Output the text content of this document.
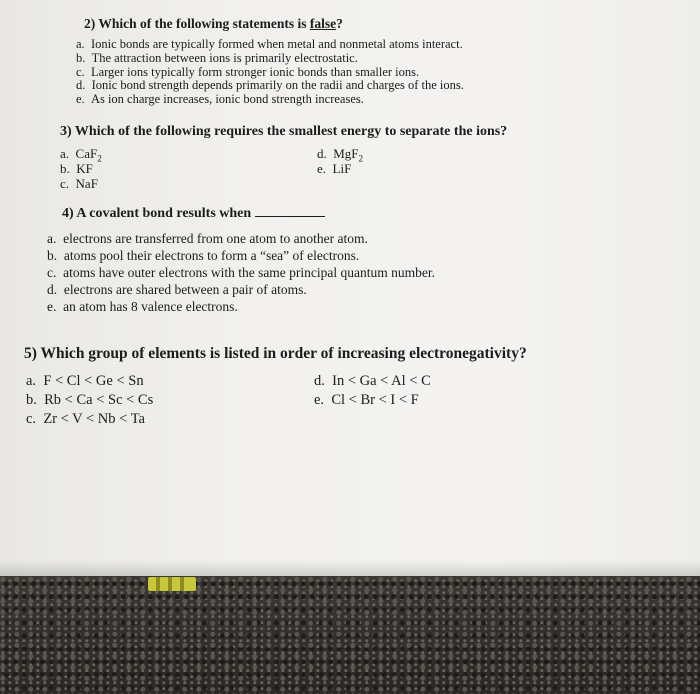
2) Which of the following statements is false?
a. Ionic bonds are typically formed when metal and nonmetal atoms interact.
b. The attraction between ions is primarily electrostatic.
c. Larger ions typically form stronger ionic bonds than smaller ions.
d. Ionic bond strength depends primarily on the radii and charges of the ions.
e. As ion charge increases, ionic bond strength increases.
3) Which of the following requires the smallest energy to separate the ions?
a. CaF$_2$
b. KF
c. NaF
d. MgF$_2$
e. LiF
4) A covalent bond results when
a. electrons are transferred from one atom to another atom.
b. atoms pool their electrons to form a “sea” of electrons.
c. atoms have outer electrons with the same principal quantum number.
d. electrons are shared between a pair of atoms.
e. an atom has 8 valence electrons.
5) Which group of elements is listed in order of increasing electronegativity?
a. F < Cl < Ge < Sn
b. Rb < Ca < Sc < Cs
c. Zr < V < Nb < Ta
d. In < Ga < Al < C
e. Cl < Br < I < F
